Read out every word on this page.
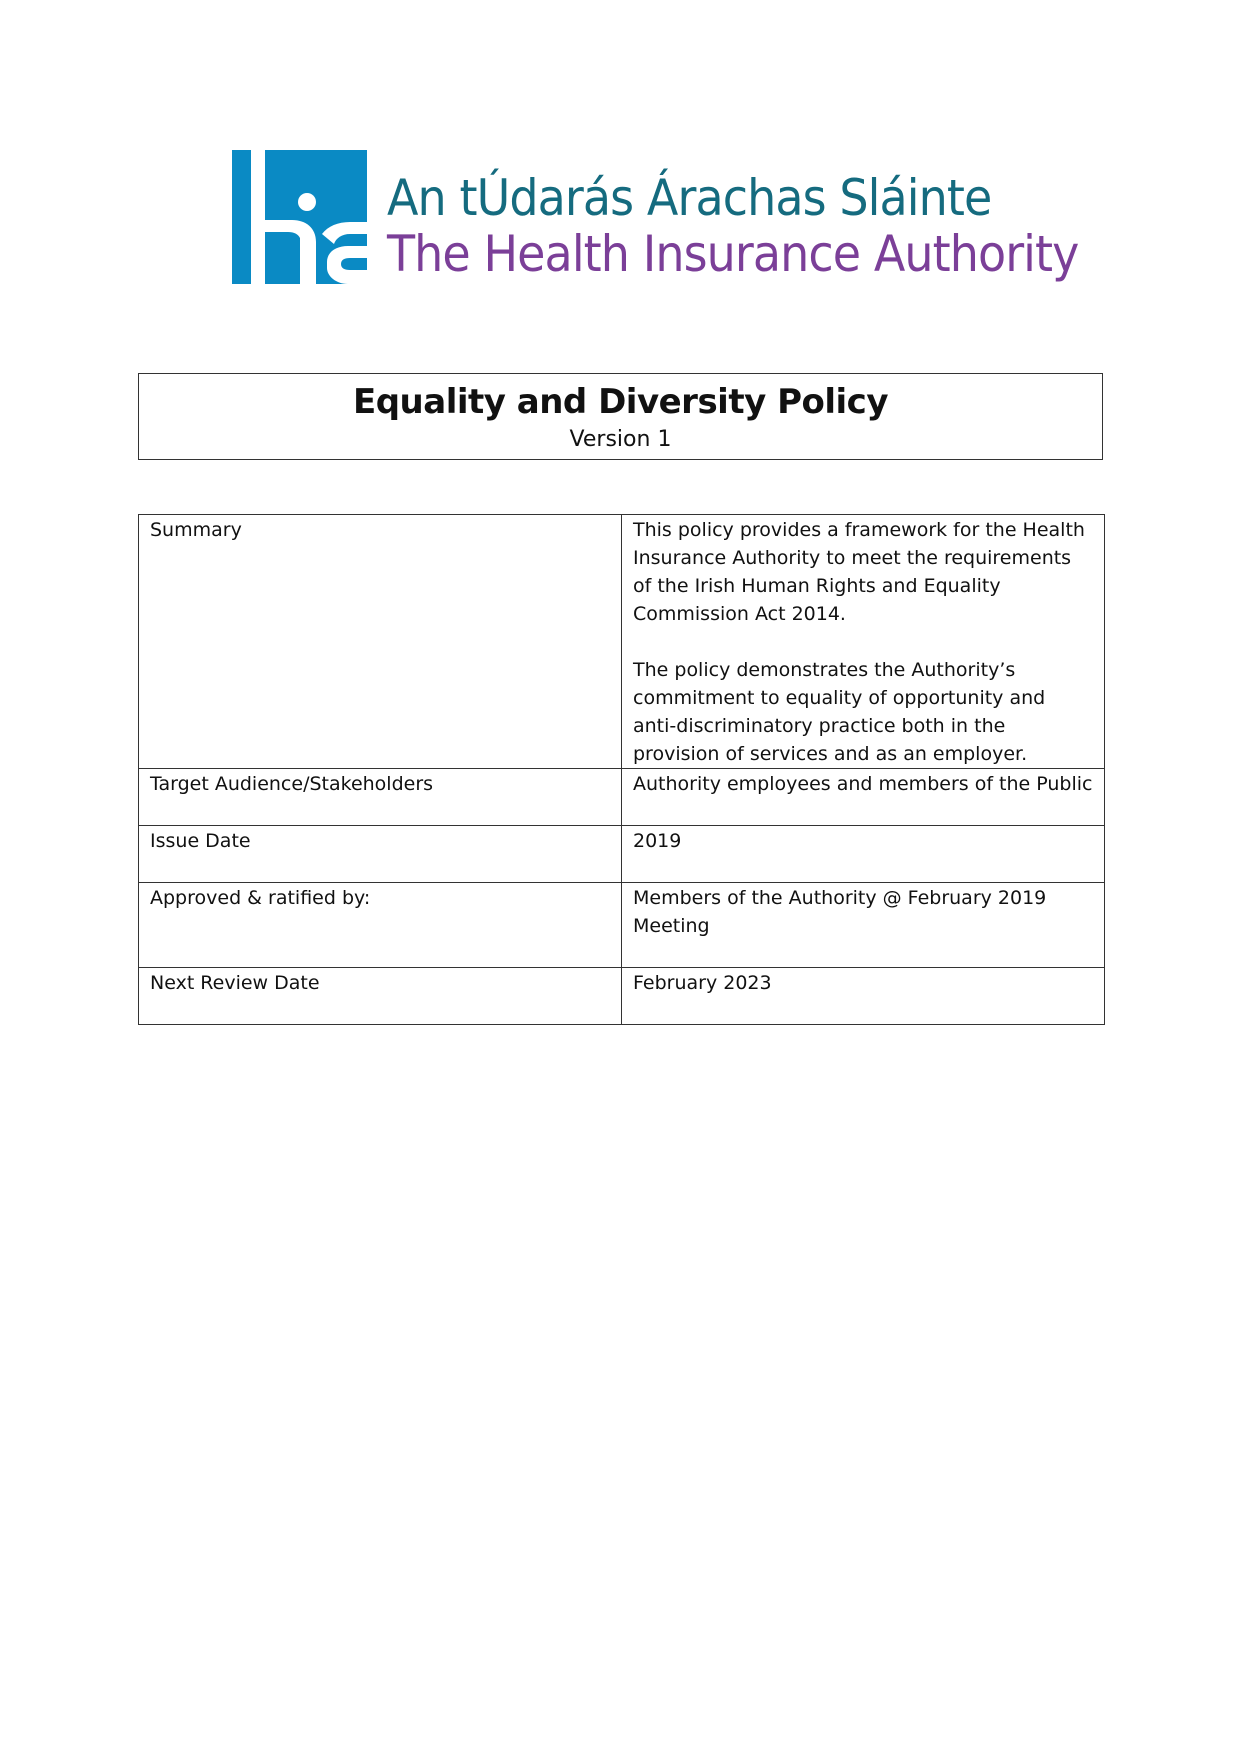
An tÚdarás Árachas Sláinte
The Health Insurance Authority
Equality and Diversity Policy
Version 1
Summary	This policy provides a framework for the Health Insurance Authority to meet the requirements of the Irish Human Rights and Equality Commission Act 2014.

The policy demonstrates the Authority’s commitment to equality of opportunity and anti-discriminatory practice both in the provision of services and as an employer.

Target Audience/Stakeholders	Authority employees and members of the Public
Issue Date	2019
Approved & ratified by:	Members of the Authority @ February 2019 Meeting
Next Review Date	February 2023
